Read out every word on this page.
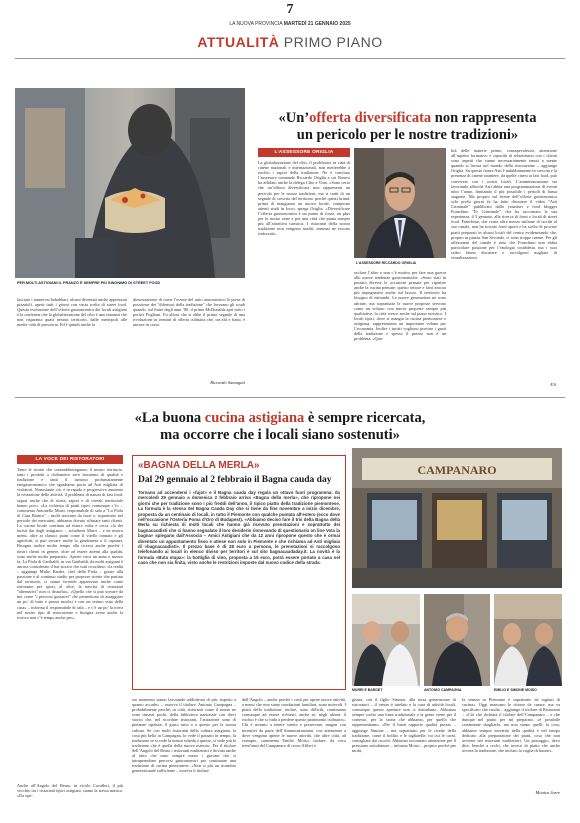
7
LA NUOVA PROVINCIA MARTEDÌ 21 GENNAIO 2025
ATTUALITÀ PRIMO PIANO
PER MOLTI ASTIGIANI IL PRANZO È SEMPRE PIÙ SINONIMO DI STREET FOOD
«Un’offerta diversificata non rappresenta
un pericolo per le nostre tradizioni»
L’ASSESSORE ORIGLIA
La globalizzazione del cibo, il proliferare in città di catene nazionali e internazionali, non metterebbe a rischio i sapori della tradizione. Ne è convinto l’assessore comunale Riccardo Origlia a cui Rasero ha affidato anche la delega Cibo e Vino. «Sono certo che un’offerta diversificata non rappresenti un pericolo per le nostre tradizioni, ma si tratti di un segnale di crescita del territorio perché questi brand, prima di inaugurare un nuovo locale, compiono attenti studi in loco» spiega Origlia. «Diversificare l’offerta gastronomica è un punto di forza, un plus per le nostre zone e per una città che punta sempre più all’attrattiva turistica. I ristoranti della nostra tradizione non vengono snaliti, semmai ne escono rinforzati».
L’ASSESSORE RICCARDO ORIGLIA
escluse l’altro e non c’è motivo per fare una guerra allo nuove tendenze gastronomiche. «Sono stati in passato diverse le occasioni pensate per ripartire anche la cucina pensate: questo settore e farsi ancora più impegnativo anche sul lavoro. Il territorio ha bisogno di entrambi. Le nuove generazioni ne sono attratte, ma soprattutto le nuove proposte servono come un volano: con nuove proposte sempre più qualitative, la città cresce anche sul piano turistico. I locali tipici, dove si mangia la cucina piemontese e astigiana, rappresentano un importante volano per l’economia. Inoltre i turisti vogliono provare i gusti della tradizione e spesso il prezzo non è un problema. «Qua-
lità delle materie prime, consapevolezza, attenzione all’aspetto formativo e capacità di relazionarsi con i clienti sono aspetti che vanno necessariamente tenuti a mente quando si lavora nel mondo della ristorazione – aggiunge Origlia. Su questo fronte Asti è indubbiamente in crescita e la presenza di catene straniere, da quelle cinesi ai fast food, può convivere con i nostri locali. L’amministrazione sta lavorando affinché Asti abbia una programmazione di eventi tutto l’anno, limitando il più possibile i periodi di bassa stagione. Ma proprio sul fronte dell’offerta gastronomica solo pochi giorni fa ha fatto discutere il video "Asti Criminale" pubblicato dallo youtuber e food blogger Franchino "Er Criminale", che ha raccontato la sua esperienza, il 3 gennaio, alla ricerca di forni o locali di street food. Franchino, che conta oltre mezzo milione di iscritti al suo canale, non ha trovato forni aperti e ha scelto di provare piatti preparati in alcuni locali del centro evidenziando che, proprio in piazza San Secondo, ci sono troppe catene. Per gli affezionati del canale è noto che Franchino non abbia particolare passione per l’enologia cosiddetta, ma i suoi video fanno discutere e raccolgono migliaia di visualizzazioni.
F.S.
lasciare i numerosi kebabbari, alcuni diventati anche apprezzati pizzaioli, aperti tutti i giorni con vasta scelta di street food. Questa evoluzione dell’offerta gastronomica dei locali astigiani è la conferma che la globalizzazione del cibo è uno tsunami che non risparmia quasi nessun territorio, dalle metropoli alle medie città di provincia. Ed è quindi anche la
dimostrazione di come l’essere del tutto anacronistici le prese di posizione dei "difensori della tradizione" che lavorano gli scudi quando, sul finire degli anni ’80, il primo McDonalds aprì sotto i portici Pogliani. Fu allora che si ebbe il primo segnale di una rivoluzione in termini di offerta culinaria che, tra alti e bassi, è ancora in corso.
Riccardo Santagati
«La buona cucina astigiana è sempre ricercata,
ma occorre che i locali siano sostenuti»
LA VOCE DEI RISTORATORI
Tante le ricette che contraddistinguono il nostro territorio, tanti i prodotti a chilometro zero sinonimo di qualità e tradizione e tanti il turismo profumatamente enogastronomico che sgradiamo porta ad Asti migliaia di visitatori. Nonostante ciò, è in rapido e progressivo aumento la cessazione delle attività, il problema di natura di fast food, sapori anche che di storia, sapori e di cereali territoriale banno poco. «La richiesta di piatti tipici comunque c’è» – commenta Antonello Murri, responsabile di sala a "La Piola di Casa Bianca" – molti arrivano da fuori e, soprattutto nel periodo dei mercatini, abbiamo dovuto rifiutare tanti clienti. La cucina locale continua ad essere volta e cerca «la dei turisti dai dagli astigiani» – sottolinea Murri – e ne nostro menù, oltre ai classici piatti come il vitello tonnato e gli agnolotti, si può trovare anche la giardiniera o il capunet. Bisogna inoltre molto tempo alla ricerca anche perché i nostri clienti in genere, oltre ad essere attenti alla qualità, sono anche molto preparati». Aperto circa un anno e mezzo fa, La Piola di Garibaldi, in via Garibaldi, da molti astigiani è ancora considerato il bar storico che tutti ricordano: «la realtà – aggiunge Mirko Bardet, chef della Piola – grazie alla passione e al continuo studio per proporre ricette che partino dal territorio, ci siamo facendo apprezzare anche come ristorante per sposi, al oltre, la nascita di ristoranti "alternativi" non ci disturba». «Quello che si può trovare da noi come "i percorsi gustativi" che permettono di assaggiare un po’ di tutto e prezzi modici e con un ottimo vino della casa» – informa il responsabile di sala – e c’è un po’ la trova nel nostro tipo di ristorazione e bisogna avere anche la ricerca non c’è tempo anche per».
Anche all’Angolo del Beato, in vicolo Cavalleri, il più vecchio tra i ristoranti tipici astigiani, siamo la stessa musica. «Da ope-
«BAGNA DELLA MERLA»
Dal 29 gennaio al 2 febbraio il Bagna cauda day
Tornano ad accendersi i «fujot» e il Bagna cauda day regala un ottavo fuori programma: da mercoledì 29 gennaio a domenica 2 febbraio arriva «Bagna della merla», che ripropone nei giorni che per tradizione sono i più freddi dell’anno, il tipico piatto della tradizione piemontese. La formula è la stessa del Bagna Cauda Day che si tiene da fine novembre a inizio dicembre, proposta da un centinaio di locali, in tutto il Piemonte con qualche puntata all’estero (ecco dove nell’occasione l’Osteria Poma d’Oro di Budapest). «Abbiamo deciso fare il tris della Bagna della Merla su richiesta di molti locali che hanno già ricevuto prenotazioni e soprattutto dei bagnacaudisti che ci hanno segnalato il loro desiderio rinnovando di questionario on line Vota la bagna» spiegano dall’Assocìa – Amici Astigiani che da 12 anni ripropone questo che è ormai diventato un appuntamento fisso e attese non solo in Piemonte e che richiama ad Asti migliaia di «bagnacaudisti». Il prezzo base è di 38 euro a persona, le prenotazioni si raccolgono telefonando ai locali in elenco diviso per territori è sul sito bagnacaudaday.it. La novità è la formula «Buta stupa»: la bottiglia di vino, proposta a 15 euro, potrà essere portato a casa nel caso che non sia finita, visto anche le restrizioni imposte dal nuovo codice della strada.
sto momento siamo lavorando addirittura di più, rispetto a quanto accade» – osserva il titolare, Antonio Campagna – probabilmente perché, in città, ristoranti come il nostro ne sono rimasti pochi, della biblioteca nazionale con dieci storici che, nel ricordare ristoranti, l’attrazione sono di pietanze ripetute, il gusto tutto e a questo per la nostra cultura. Se con molti ristoranti della cultura astigiana, la cosa più bella in Campagna, lo vede il passato in tempo, la tradizione se si vede la nostra scheda a questo, si vede più la tradizione che è quella della nuova osteria». Per il titolare dell’Angolo del Beato i ristoranti multietnici e dovuta anche al fatto che sono sempre meno i giovani che si intraprendono percorsi gastronomici per continuare una tradizione di cucina piemontese. «Non ci più un ricambio generazionale sufficiente – osserva il titolare
dell’Angolo – anche perché i costi per aprire nuove attività, a meno che non siano conduzioni familiari, sono notevoli. I piatti della tradizione, inoltre, sono difficili, continuano comunque ad essere richiesti, anche se, negli ultimi, il rischio è che si vada a perdere questo patrimonio culinario». Chi è rimasto a tenere stretto e preservare, magari con incentivi da parte dell’Amministrazione, con attenzione a dove vengono aperte le nuove attività, che altre città, ad esempio, commenta Emilio Moiso, titolare, da circa trent’anni del Campanaro di corso Alfieri e
giusta, con il figlio Simone, alla terza generazione di ristoratori – il centro è tutelato e la cura di attività locali, comunque questo aperture non ci disturbano. Abbiamo sempre scelto una linea tradizionale e la gente viene per il contesto, per la storia che abbiamo, per quello che rappresentiamo, «Per il buon rapporto qualità prezzo – aggiunge Simone – ma soprattutto per le ricette della tradizione, come il bollito e le tagliatelle, tra cui le carni, consigliate dai cuochi. Abbiamo incontrato attenzione per il pressione sottolineare – informa Moiso – proprio perché per molti,
la venuta in Piemonte è soprattutto da ragioni di cucina». Oggi mancano le risorse da curare, ma va specificato che risulta – aggiunge il titolare di Ristoranti – «Ciò che dichiara il titolare dell’Campanaro – e che dunque nel piatto per mi preparato, «è possibile certamente sbagliarlo, ma non siamo quelli, la cosa, abbiamo sempre investito nella qualità e nel tempo dedicato alla preparazione dei piatti, cosa che non avviene nei ristoranti multietnici. Un passaggio, devo dire, benché a occhi, che invece di piatto che anche avvera la tradizione, che incluso la voglia di buone».
Monica Jarre
CAMPANARO
MURRI E BARDET	ANTONIO CAMPAGNA	EMILIO E SIMONE MOISO
